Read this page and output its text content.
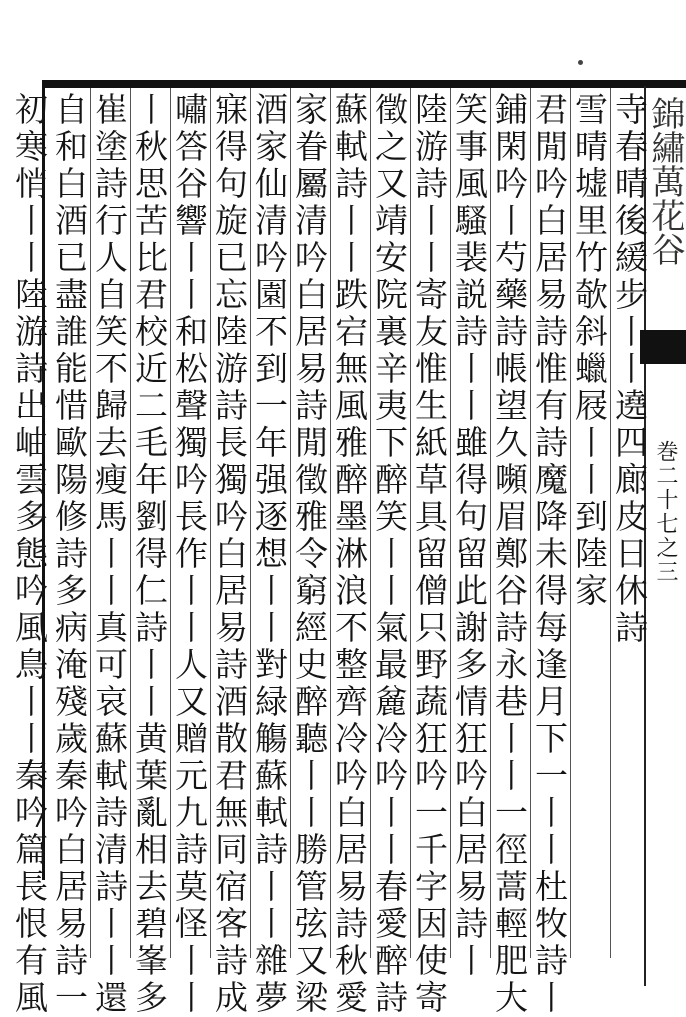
錦繡萬花谷
巻二十七之三
寺春晴後緩步丨丨遶四廊皮日休詩
雪晴墟里竹欹斜蠟屐丨丨到陸家
君閒吟白居易詩惟有詩魔降未得每逢月下一丨丨杜牧詩丨
鋪閑吟丨芍藥詩帳望久嚬眉鄭谷詩永巷丨丨一徑蒿輕肥大
笑事風騷裴説詩丨丨雖得句留此謝多情狂吟白居易詩丨
陸游詩丨丨寄友惟生紙草具留僧只野蔬狂吟一千字因使寄
徵之又靖安院裏辛夷下醉笑丨丨氣最麄冷吟丨丨春愛醉詩
蘇軾詩丨丨跌宕無風雅醉墨淋浪不整齊冷吟白居易詩秋愛
家眷屬清吟白居易詩閒徵雅令窮經史醉聽丨丨勝管弦又梁
酒家仙清吟園不到一年强逐想丨丨對緑觴蘇軾詩丨丨雜夢
寐得句旋已忘陸游詩長獨吟白居易詩酒散君無同宿客詩成
嘯答谷響丨丨和松聲獨吟長作丨丨人又贈元九詩莫怪丨丨
丨秋思苦比君校近二毛年劉得仁詩丨丨黄葉亂相去碧峯多
崔塗詩行人自笑不歸去瘦馬丨丨真可哀蘇軾詩清詩丨丨還
自和白酒已盡誰能惜歐陽修詩多病淹殘歲秦吟白居易詩一
初寒悄丨丨陸游詩出岫雲多態吟風鳥丨丨秦吟篇長恨有風
